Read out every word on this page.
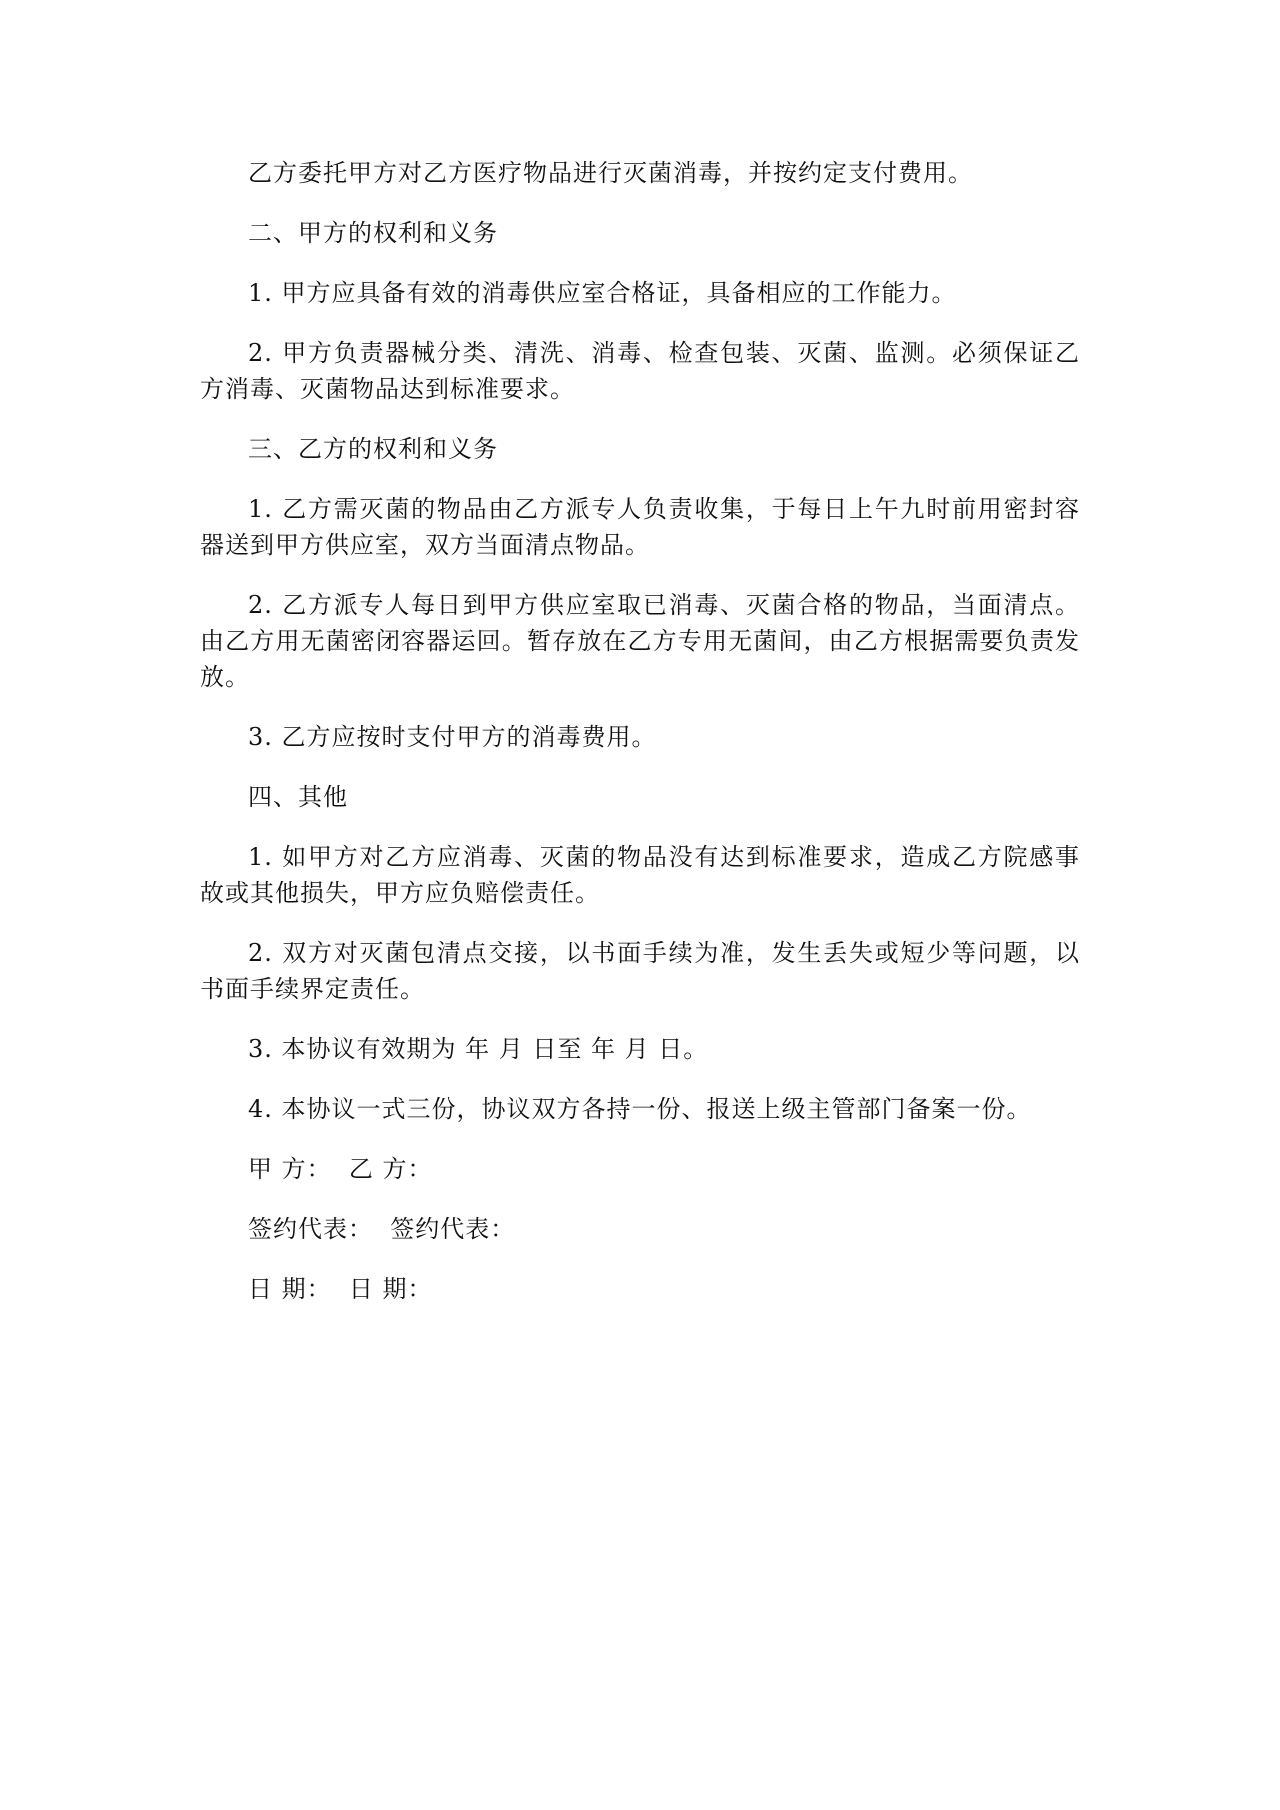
乙方委托甲方对乙方医疗物品进行灭菌消毒，并按约定支付费用。

二、甲方的权利和义务

1. 甲方应具备有效的消毒供应室合格证，具备相应的工作能力。

2. 甲方负责器械分类、清洗、消毒、检查包装、灭菌、监测。必须保证乙方消毒、灭菌物品达到标准要求。

三、乙方的权利和义务

1. 乙方需灭菌的物品由乙方派专人负责收集，于每日上午九时前用密封容器送到甲方供应室，双方当面清点物品。

2. 乙方派专人每日到甲方供应室取已消毒、灭菌合格的物品，当面清点。由乙方用无菌密闭容器运回。暂存放在乙方专用无菌间，由乙方根据需要负责发放。

3. 乙方应按时支付甲方的消毒费用。

四、其他

1. 如甲方对乙方应消毒、灭菌的物品没有达到标准要求，造成乙方院感事故或其他损失，甲方应负赔偿责任。

2. 双方对灭菌包清点交接，以书面手续为准，发生丢失或短少等问题，以书面手续界定责任。

3. 本协议有效期为 年 月 日至 年 月 日。

4. 本协议一式三份，协议双方各持一份、报送上级主管部门备案一份。

甲 方： 乙 方：

签约代表： 签约代表：

日 期： 日 期：
